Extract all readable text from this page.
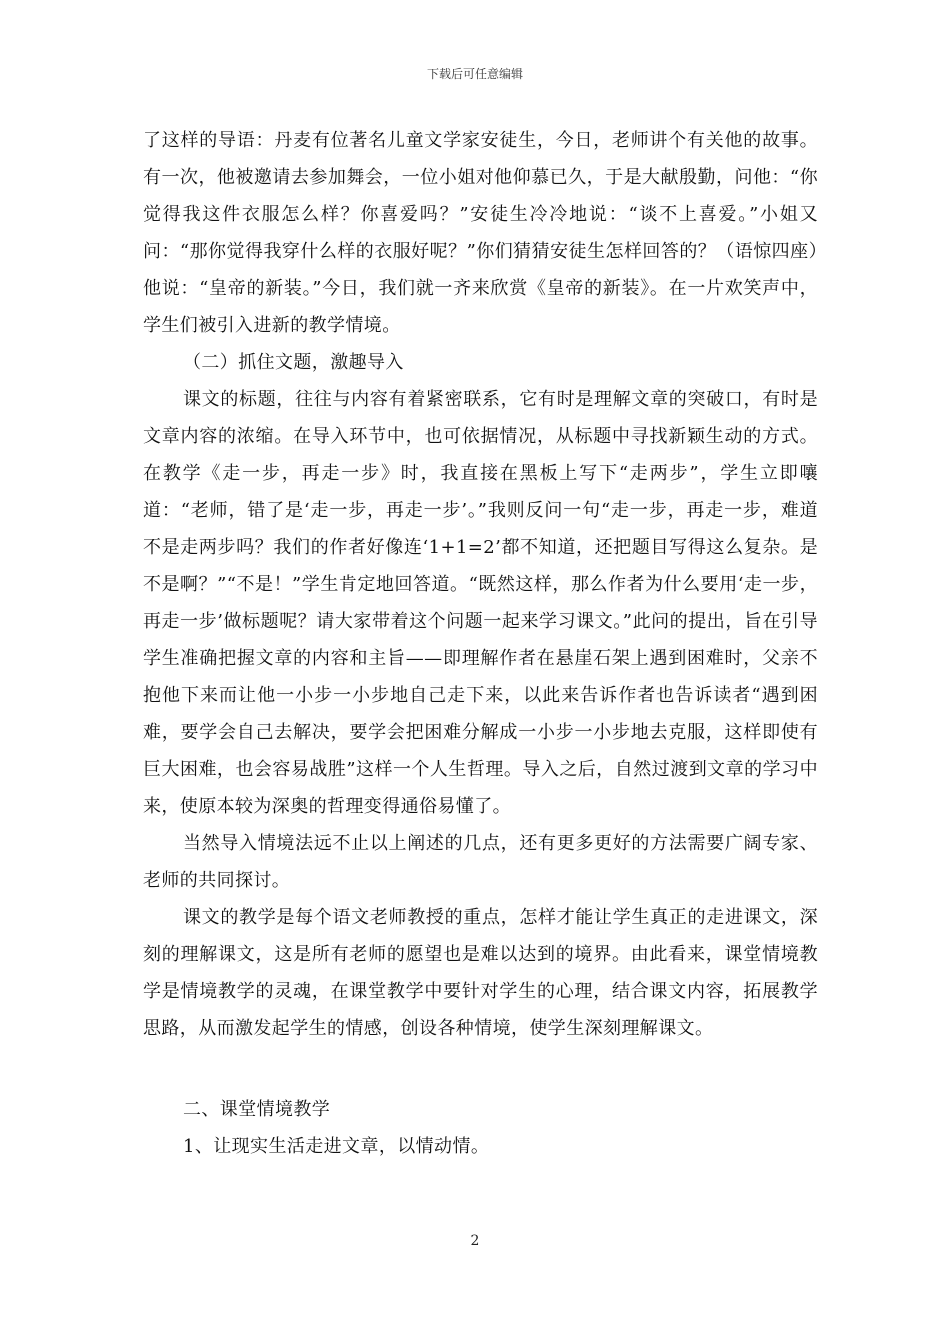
下载后可任意编辑

了这样的导语：丹麦有位著名儿童文学家安徒生，今日，老师讲个有关他的故事。有一次，他被邀请去参加舞会，一位小姐对他仰慕已久，于是大献殷勤，问他：“你觉得我这件衣服怎么样？你喜爱吗？”安徒生冷冷地说：“谈不上喜爱。”小姐又问：“那你觉得我穿什么样的衣服好呢？”你们猜猜安徒生怎样回答的？（语惊四座）他说：“皇帝的新装。”今日，我们就一齐来欣赏《皇帝的新装》。在一片欢笑声中，学生们被引入进新的教学情境。

（二）抓住文题，激趣导入

课文的标题，往往与内容有着紧密联系，它有时是理解文章的突破口，有时是文章内容的浓缩。在导入环节中，也可依据情况，从标题中寻找新颖生动的方式。在教学《走一步，再走一步》时，我直接在黑板上写下“走两步”，学生立即嚷道：“老师，错了是‘走一步，再走一步’。”我则反问一句“走一步，再走一步，难道不是走两步吗？我们的作者好像连‘1+1=2’都不知道，还把题目写得这么复杂。是不是啊？”“不是！”学生肯定地回答道。“既然这样，那么作者为什么要用‘走一步，再走一步’做标题呢？请大家带着这个问题一起来学习课文。”此问的提出，旨在引导学生准确把握文章的内容和主旨——即理解作者在悬崖石架上遇到困难时，父亲不抱他下来而让他一小步一小步地自己走下来，以此来告诉作者也告诉读者“遇到困难，要学会自己去解决，要学会把困难分解成一小步一小步地去克服，这样即使有巨大困难，也会容易战胜”这样一个人生哲理。导入之后，自然过渡到文章的学习中来，使原本较为深奥的哲理变得通俗易懂了。

当然导入情境法远不止以上阐述的几点，还有更多更好的方法需要广阔专家、老师的共同探讨。

课文的教学是每个语文老师教授的重点，怎样才能让学生真正的走进课文，深刻的理解课文，这是所有老师的愿望也是难以达到的境界。由此看来，课堂情境教学是情境教学的灵魂，在课堂教学中要针对学生的心理，结合课文内容，拓展教学思路，从而激发起学生的情感，创设各种情境，使学生深刻理解课文。

二、课堂情境教学

1、让现实生活走进文章，以情动情。

2
